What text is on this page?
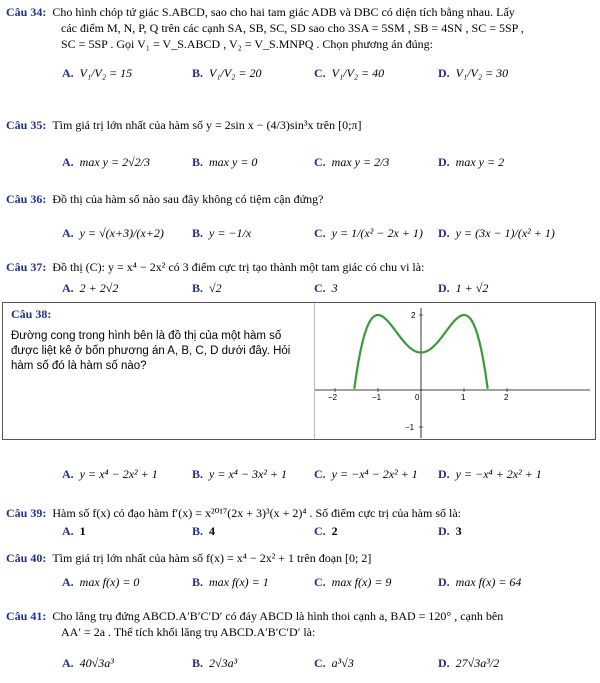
Câu 34: Cho hình chóp tứ giác S.ABCD, sao cho hai tam giác ADB và DBC có diện tích bằng nhau. Lấy
các điểm M, N, P, Q trên các cạnh SA, SB, SC, SD sao cho 3SA = 5SM , SB = 4SN , SC = 5SP ,
SC = 5SP . Gọi V₁ = V_S.ABCD , V₂ = V_S.MNPQ . Chọn phương án đúng:
A. V₁/V₂ = 15	B. V₁/V₂ = 20	C. V₁/V₂ = 40	D. V₁/V₂ = 30
Câu 35: Tìm giá trị lớn nhất của hàm số y = 2sin x − (4/3)sin³x trên [0;π]
A. max y = 2√2/3	B. max y = 0	C. max y = 2/3	D. max y = 2
Câu 36: Đồ thị của hàm số nào sau đây không có tiệm cận đứng?
A. y = √(x+3)/(x+2) B. y = −1/x	C. y = 1/(x² − 2x + 1) D. y = (3x − 1)/(x² + 1)
Câu 37: Đồ thị (C): y = x⁴ − 2x² có 3 điểm cực trị tạo thành một tam giác có chu vi là:
A. 2 + 2√2	B. √2	C. 3	D. 1 + √2
Câu 38:
Đường cong trong hình bên là đồ thị của một hàm số được liệt kê ở bốn phương án A, B, C, D dưới đây. Hỏi hàm số đó là hàm số nào?
−2	−1	0	1	2
2
−1
A. y = x⁴ − 2x² + 1	B. y = x⁴ − 3x² + 1 C. y = −x⁴ − 2x² + 1 D. y = −x⁴ + 2x² + 1
Câu 39: Hàm số f(x) có đạo hàm f′(x) = x²⁰¹⁷(2x + 3)³(x + 2)⁴ . Số điểm cực trị của hàm số là:
A. 1	B. 4	C. 2	D. 3
Câu 40: Tìm giá trị lớn nhất của hàm số f(x) = x⁴ − 2x² + 1 trên đoạn [0; 2]
A. max f(x) = 0	B. max f(x) = 1	C. max f(x) = 9	D. max f(x) = 64
Câu 41: Cho lăng trụ đứng ABCD.A′B′C′D′ có đáy ABCD là hình thoi cạnh a, BAD = 120° , cạnh bên
AA′ = 2a . Thể tích khối lăng trụ ABCD.A′B′C′D′ là:
A. 40√3a³	B. 2√3a³	C. a³√3	D. 27√3a³/2
